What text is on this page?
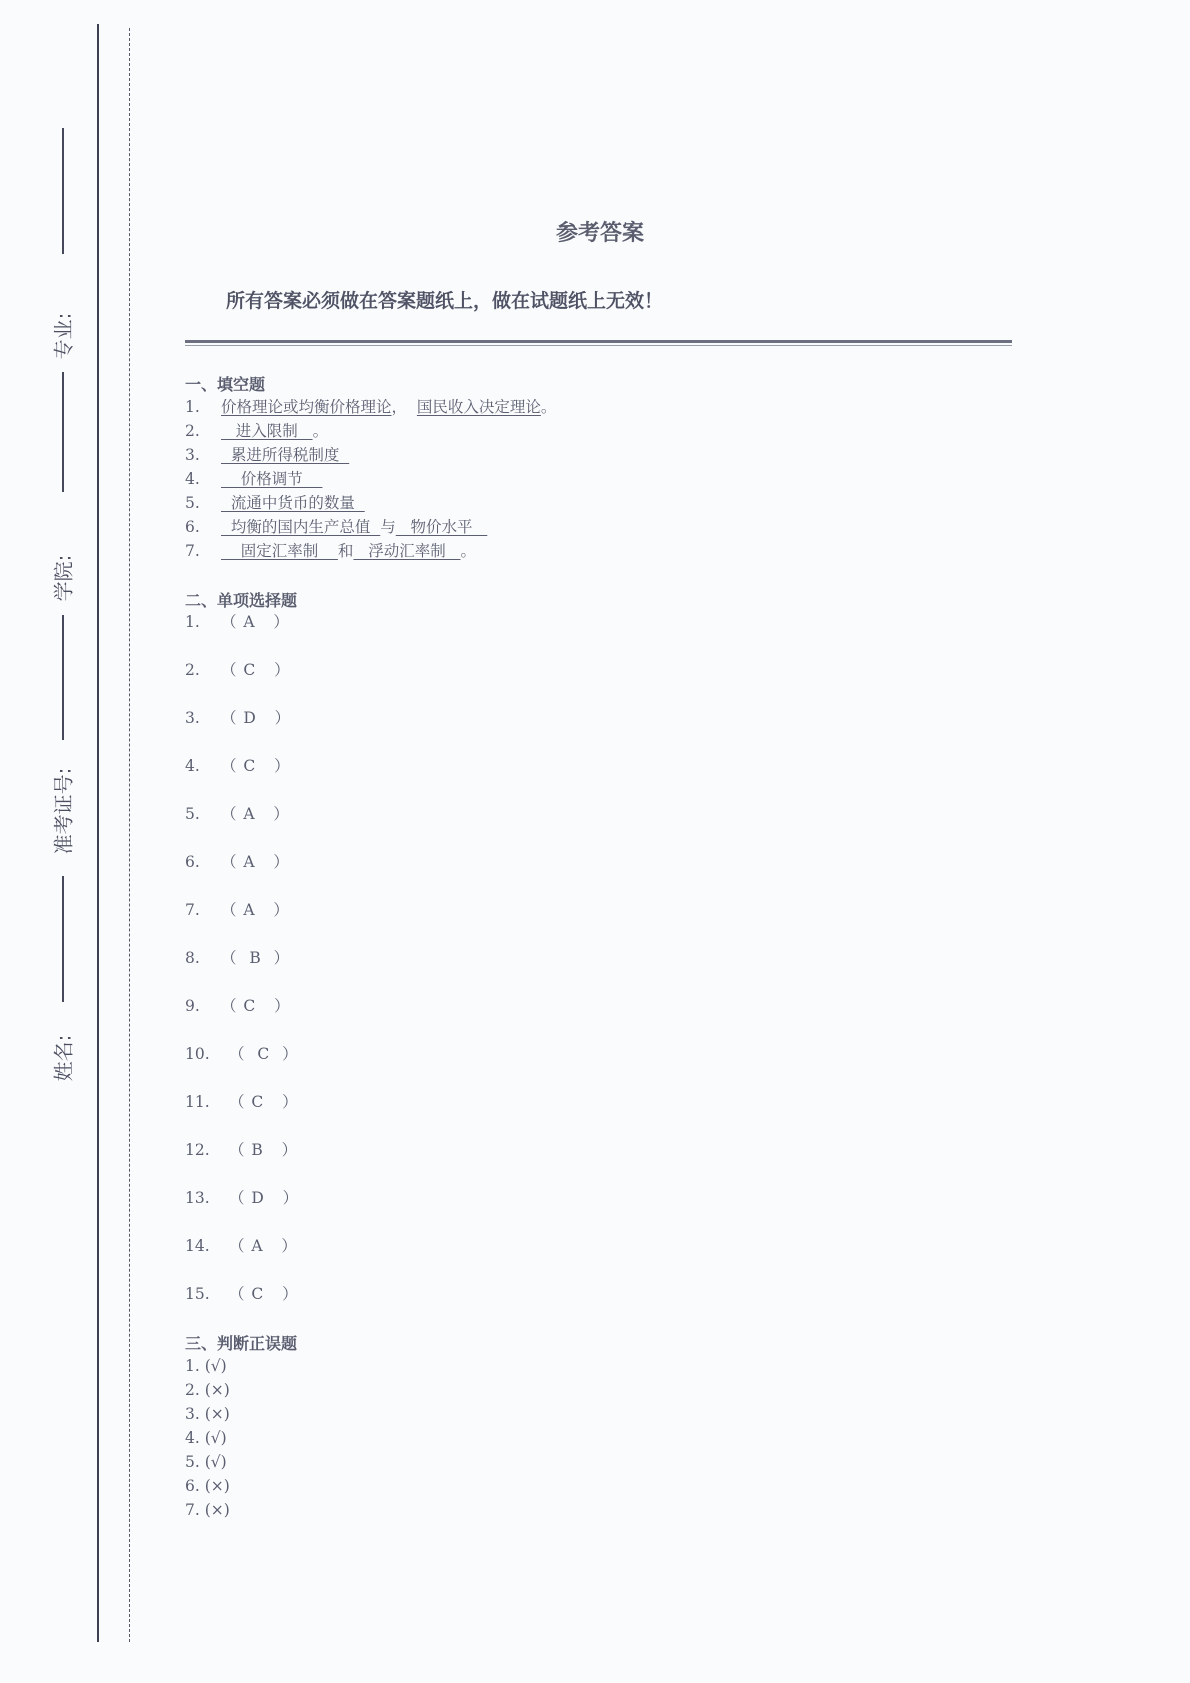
专业:
学院:
准考证号:
姓名:
参考答案
所有答案必须做在答案题纸上，做在试题纸上无效！
一、填空题
1. 价格理论或均衡价格理论，  国民收入决定理论。
2.   进入限制   。
3.  累进所得税制度
4.    价格调节
5.  流通中货币的数量
6.  均衡的国内生产总值  与   物价水平
7.    固定汇率制    和   浮动汇率制   。
二、单项选择题
1. （ A   ）
2. （ C   ）
3. （ D   ）
4. （ C   ）
5. （ A   ）
6. （ A   ）
7. （ A   ）
8. （  B  ）
9. （ C   ）
10. （  C  ）
11. （ C   ）
12. （ B   ）
13. （ D   ）
14. （ A   ）
15. （ C   ）
三、判断正误题
1. (√)
2. (×)
3. (×)
4. (√)
5. (√)
6. (×)
7. (×)
